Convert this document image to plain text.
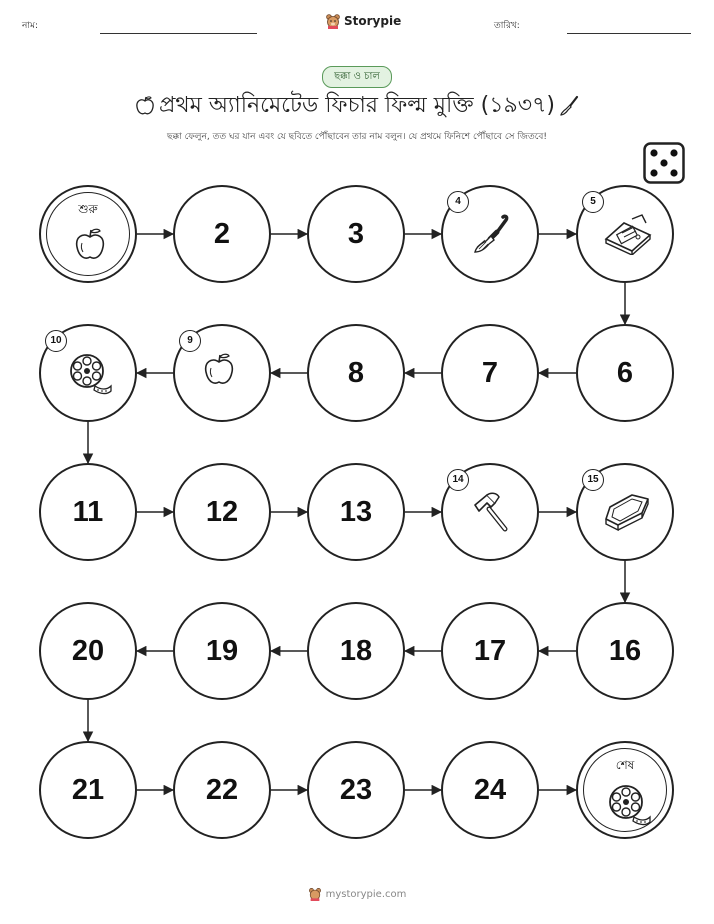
নাম:	Storypie	তারিখ:
ছক্কা ও চাল
প্রথম অ্যানিমেটেড ফিচার ফিল্ম মুক্তি (১৯৩৭)
ছক্কা ফেলুন, তত ঘর যান এবং যে ছবিতে পৌঁছাবেন তার নাম বলুন। যে প্রথমে ফিনিশে পৌঁছাবে সে জিতবে!
শুরু
2	3
4	5
6
7
8
9
10
11	12	13
14	15
16
17
18
19
20
21	22	23	24
শেষ
mystorypie.com
